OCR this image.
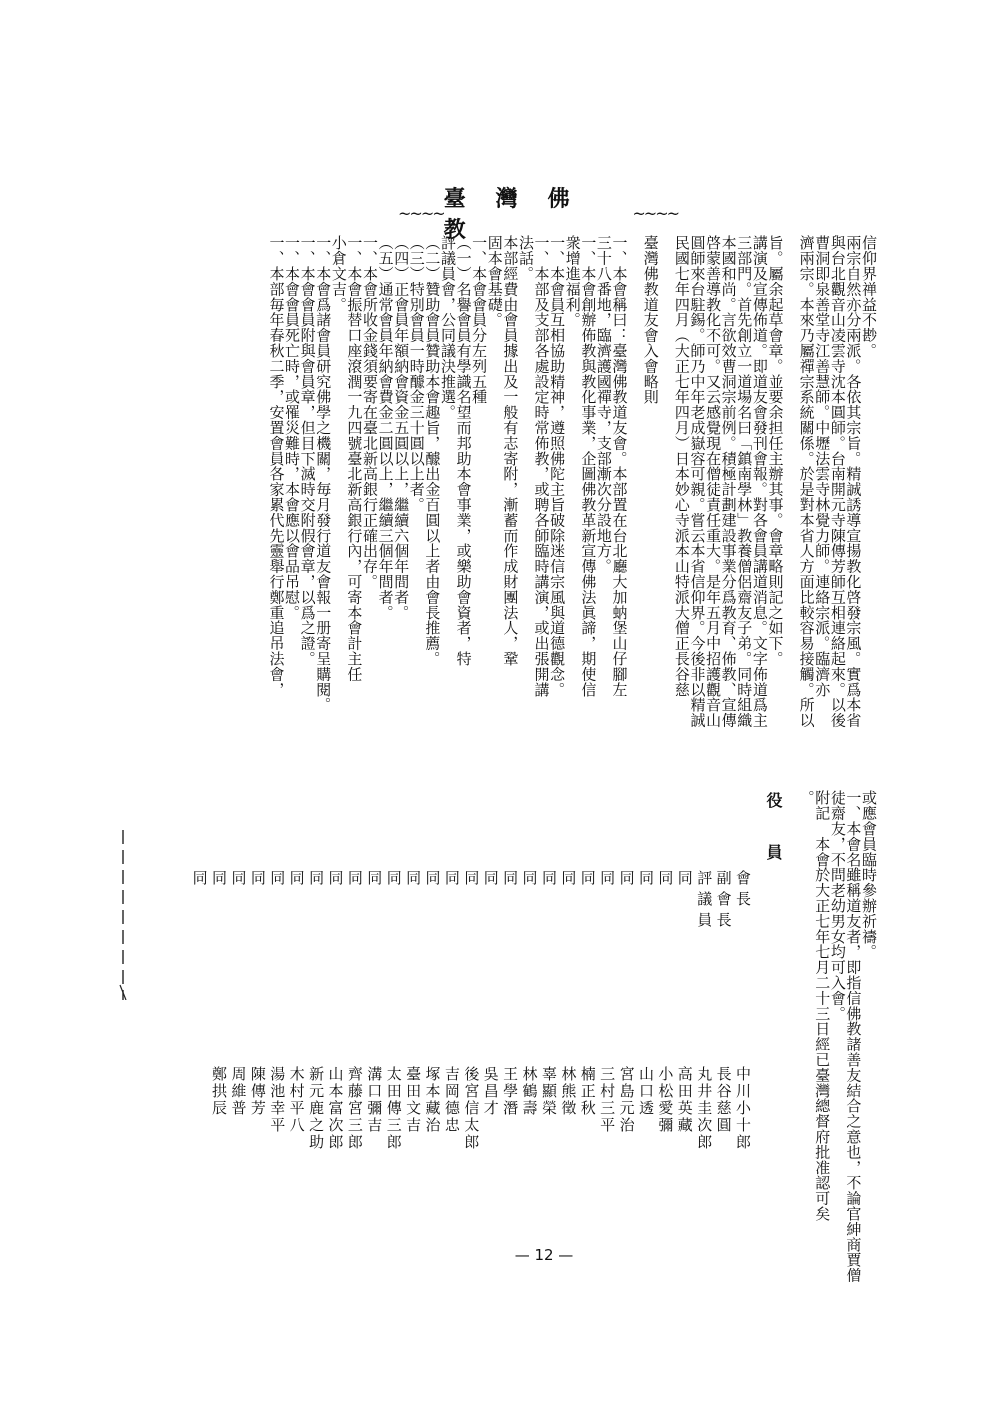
~~~~
臺灣佛教
~~~~
信仰界禅益不尠。
兩宗自然亦分兩派。各依其宗旨。精誠誘導宣揚教化啓發宗風。實爲本省
與台北觀音山凌雲寺沈本圓師。台南開元寺陳傳芳師互相連絡起來。以後
曹洞即泉善堂寺江善慧師。中壢法雲寺林覺力師。連絡宗派。臨濟亦
濟兩宗。本來乃屬禪宗系統關係。於是對本省人方面比較容易接觸。所以

旨。屬余起草會章。並要余担任主辦其事。會章略則記之如下。
講演及宣傳佈道。即道友會發刊會報。對各會員講道消息。文字佈道爲主
三部門。首先創立一道場名曰「鎮南學林」教養僧侶齋友子弟。同時組織
本國和尚。言欲效曹洞宗前例。積極計劃建設事業分爲教育、佈教、宣傳
啓蒙善導教化不可。又云感覺現在僧徒責任重大。是年五月中招護觀音山
圓師來台駐錫。師乃中年老成嶽容可親。嘗云本省信仰界。今後非以精誠
民國七年四月（大正七年四月）日本妙心寺派本山特派大僧正長谷慈

臺灣佛教道友會入會略則

一、本會稱曰：臺灣佛教道友會。本部置在台北廳大加蚋堡山仔腳左
三十八番地，臨濟護國禪寺，支部漸次分設地方。
一、本會創辦佈教與教化事業，企圖佛教革新宣傳佛法眞諦，期使信
衆增進福利。
一、本會員互相協助精神，遵照佛陀主旨破除迷信宗風與道德觀念。
一、本部及支部各處設定時常佈教，或聘各師臨時講演，或出張開講
法話。
本部經費由會員據出及一般有志寄附，漸蓄而作成財團法人，鞏
固本會基礎。
一、本會會員分左列五種
（一）名譽會員有學識名望而邦助本會事業，或樂助會資者，特
評議員會，公同議決推選。
（二）贊助會員贊助本會趣旨，醵出金百圓以上者由會長推薦。
（三）特別會員一時醵金三十圓以上者。
（四）正會員年額納會資金五圓以上，繼續六個年間者。
（五）通常會員年納會費金二圓以上，繼續三個年間者。
一、本會所收金錢須要寄在臺北新高銀行正確出存。
一、本會振替口座滾潤一九四號臺北新高銀行內，可寄本會計主任
小倉文吉。
一、本會爲諸會員研究佛學之機關，毎月發行道友會報一册寄呈購閱。
一、本會會員附與會員章，但目下滅時交附假會章，以爲之證。
一、本會會員死亡時，或罹災難時，本會應以會品吊慰。
一、本部毎年春秋二季，安置會員各家累代先靈舉行鄭重追吊法會，
或應會員臨時參辦祈禱。
一、本會名雖稱道友者，即指信佛教諸善友結合之意也，不論官紳商賈僧
徒齋友，不問老幼男女均可入會。
附記　本會於大正七年七月二十三日經已臺灣總督府批准認可矣
。
役員
會長
副會長
評議員
同
同
同
同
同
同
同
同
同
同
同
同
同
同
同
同
同
同
同
同
同
同
同
同
同
同
中川小十郎
長谷慈圓
丸井圭次郎
高田英藏
小松愛彌
山口透
宮島元治
三村三平
楠正秋
林熊徵
辜顯榮
林鶴壽
王學潛
吳昌才
後宮信太郎
吉岡德忠
塚本藏治
臺田文吉
太田傳三郎
溝口彌吉
齊藤宮三郎
山本富次郎
新元鹿之助
木村平八
湯池幸平
陳傳芳
周維普
鄭拱辰
— 12 —
